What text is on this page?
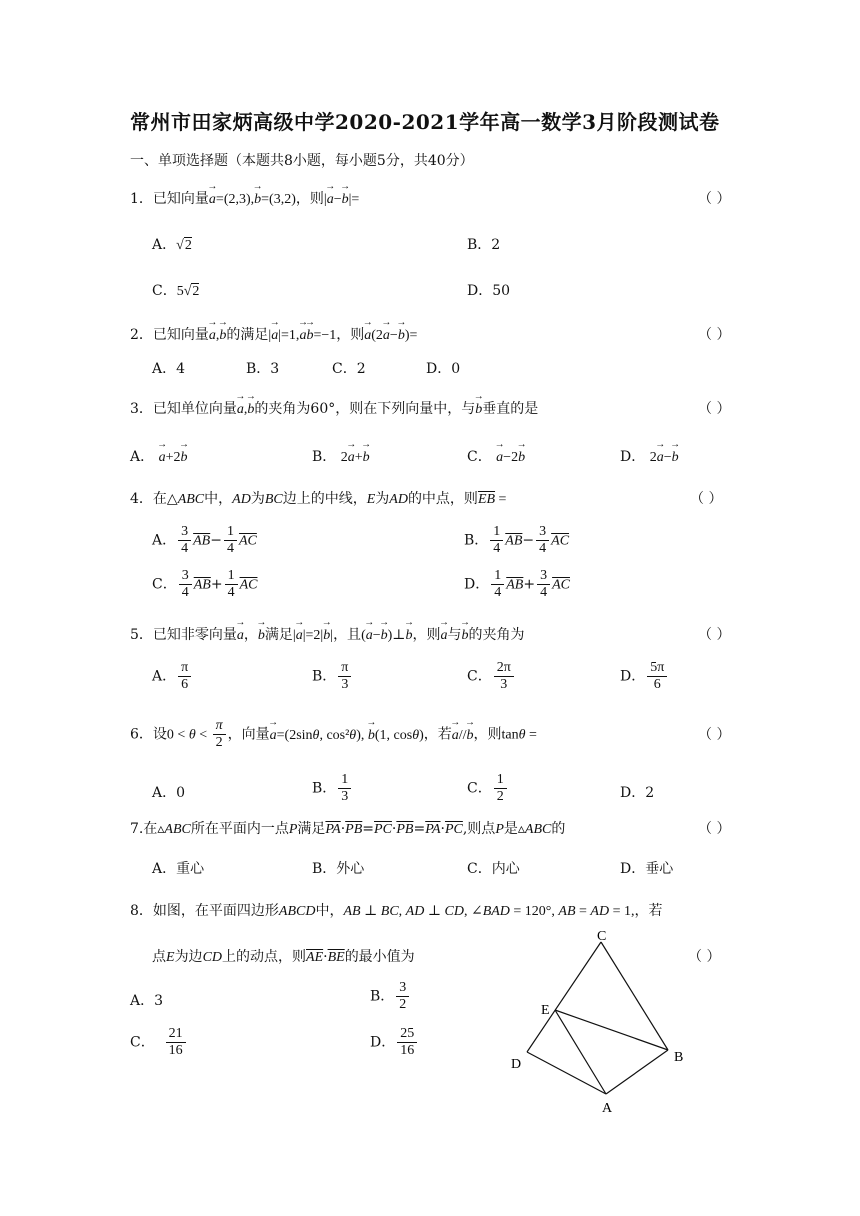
常州市田家炳高级中学2020-2021学年高一数学3月阶段测试卷
一、单项选择题（本题共8小题，每小题5分，共40分）
1．已知向量→ a=(2,3),→ b=(3,2)，则|→ a−→ b|=	（ ）
A．√2	B．2
C．5√2	D．50
2．已知向量→ a,→ b的满足|→ a|=1,→ a→ b=−1，则→ a(2→ a−→ b)=	（ ）
A．4	B．3	C．2	D．0
3．已知单位向量→ a,→ b的夹角为60°，则在下列向量中，与→ b垂直的是	（ ）
A． → a+2→ b	B． 2→ a+→ b	C． → a−2→ b	D． 2→ a−→ b
4．在△ABC中，AD为BC边上的中线，E为AD的中点，则$\overline{EB}$ =	（ ）
A． $\frac{3}{4} \overline{AB}- \frac{1}{4} \overline{AC}$	B． $\frac{1}{4} \overline{AB}- \frac{3}{4} \overline{AC}$
C． $\frac{3}{4} \overline{AB}+ \frac{1}{4} \overline{AC}$	D． $\frac{1}{4} \overline{AB}+ \frac{3}{4} \overline{AC}$
5．已知非零向量→ a，→ b满足|→ a|=2|→ b|，且(→ a−→ b)⊥→ b，则→ a与→ b的夹角为	（ ）
A． $\frac{\pi}{6}$	B． $\frac{\pi}{3}$	C． $\frac{2\pi}{3}$	D． $\frac{5\pi}{6}$
6．设$0 < \theta < \frac{\pi}{2}$ ，向量→ a=(2sinθ, cos²θ), → b(1, cosθ)，若→ a//→ b，则tanθ =	（ ）
A．0	B． $\frac{1}{3}$	C． $\frac{1}{2}$	D．2
7.在▵ABC所在平面内一点P满足$\overline{PA}\cdot\overline{PB}=\overline{PC}\cdot\overline{PB}=\overline{PA}\cdot\overline{PC}$,则点P是▵ABC的	（ ）
A．重心	B．外心	C．内心	D．垂心
8．如图，在平面四边形ABCD中，AB ⊥ BC, AD ⊥ CD, ∠BAD = 120°, AB = AD = 1,，若
点E为边CD上的动点，则$\overline{AE}\cdot\overline{BE}$的最小值为	（ ）
A．3	B． $\frac{3}{2}$
C． $\frac{21}{16}$	D． $\frac{25}{16}$
C
E
B
D
A
